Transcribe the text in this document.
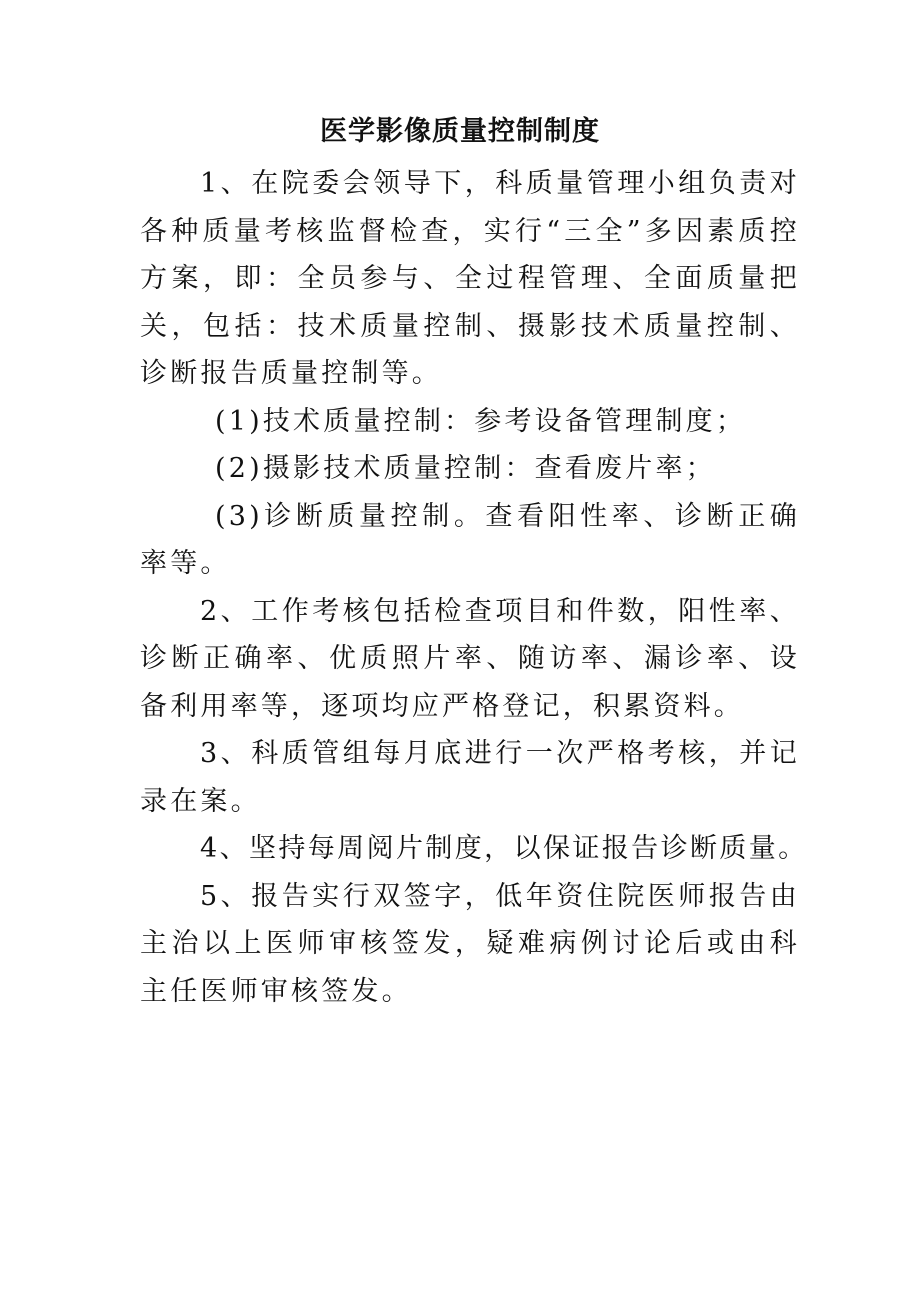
医学影像质量控制制度

1、在院委会领导下，科质量管理小组负责对各种质量考核监督检查，实行“三全”多因素质控方案，即：全员参与、全过程管理、全面质量把关，包括：技术质量控制、摄影技术质量控制、诊断报告质量控制等。

(1)技术质量控制：参考设备管理制度；

(2)摄影技术质量控制：查看废片率；

(3)诊断质量控制。查看阳性率、诊断正确率等。

2、工作考核包括检查项目和件数，阳性率、诊断正确率、优质照片率、随访率、漏诊率、设备利用率等，逐项均应严格登记，积累资料。

3、科质管组每月底进行一次严格考核，并记录在案。

4、坚持每周阅片制度，以保证报告诊断质量。

5、报告实行双签字，低年资住院医师报告由主治以上医师审核签发，疑难病例讨论后或由科主任医师审核签发。
